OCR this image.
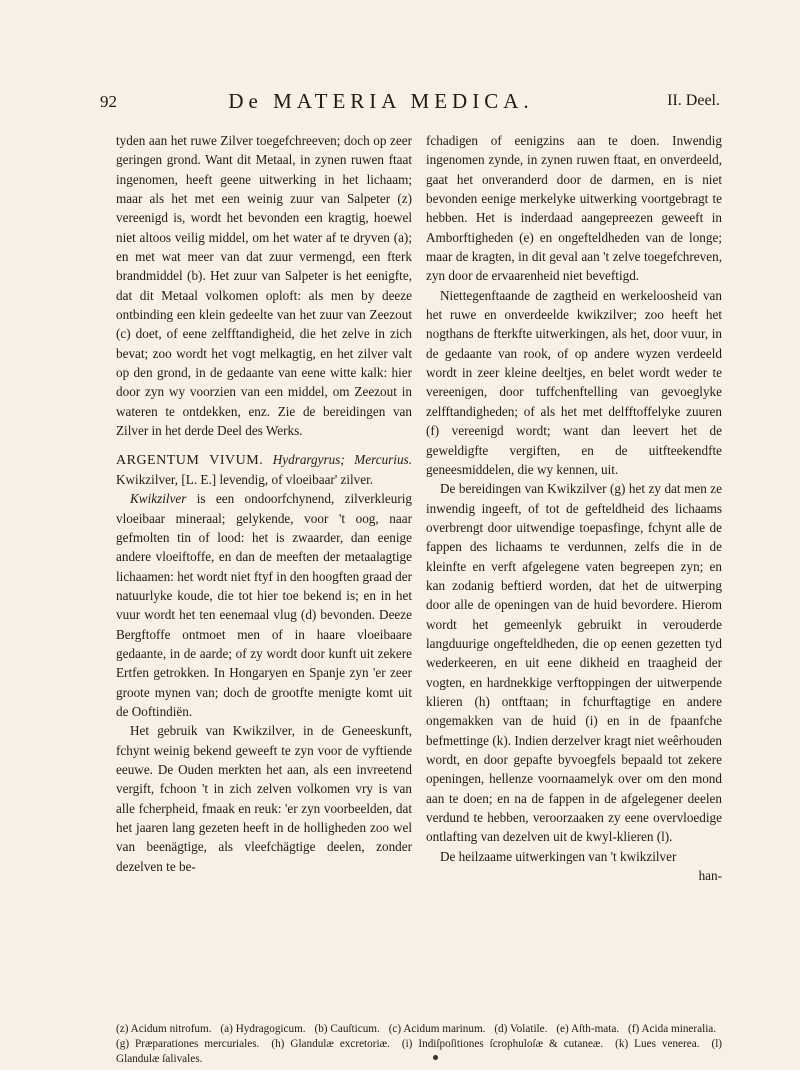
92	De MATERIA MEDICA.	II. Deel.

tyden aan het ruwe Zilver toegefchreeven; doch op zeer geringen grond. Want dit Metaal, in zynen ruwen ftaat ingenomen, heeft geene uitwerking in het lichaam; maar als het met een weinig zuur van Salpeter (z) vereenigd is, wordt het bevonden een kragtig, hoewel niet altoos veilig middel, om het water af te dryven (a); en met wat meer van dat zuur vermengd, een fterk brandmiddel (b). Het zuur van Salpeter is het eenigfte, dat dit Metaal volkomen oploft: als men by deeze ontbinding een klein gedeelte van het zuur van Zeezout (c) doet, of eene zelfftandigheid, die het zelve in zich bevat; zoo wordt het vogt melkagtig, en het zilver valt op den grond, in de gedaante van eene witte kalk: hier door zyn wy voorzien van een middel, om Zeezout in wateren te ontdekken, enz. Zie de bereidingen van Zilver in het derde Deel des Werks.

ARGENTUM VIVUM. Hydrargyrus; Mercurius. Kwikzilver, [L. E.] levendig, of vloeibaar' zilver.

Kwikzilver is een ondoorfchynend, zilverkleurig vloeibaar mineraal; gelykende, voor 't oog, naar gefmolten tin of lood: het is zwaarder, dan eenige andere vloeiftoffe, en dan de meeften der metaalagtige lichaamen: het wordt niet ftyf in den hoogften graad der natuurlyke koude, die tot hier toe bekend is; en in het vuur wordt het ten eenemaal vlug (d) bevonden. Deeze Bergftoffe ontmoet men of in haare vloeibaare gedaante, in de aarde; of zy wordt door kunft uit zekere Ertfen getrokken. In Hongaryen en Spanje zyn 'er zeer groote mynen van; doch de grootfte menigte komt uit de Ooftindiën.

Het gebruik van Kwikzilver, in de Geneeskunft, fchynt weinig bekend geweeft te zyn voor de vyftiende eeuwe. De Ouden merkten het aan, als een invreetend vergift, fchoon 't in zich zelven volkomen vry is van alle fcherpheid, fmaak en reuk: 'er zyn voorbeelden, dat het jaaren lang gezeten heeft in de holligheden zoo wel van beenägtige, als vleefchägtige deelen, zonder dezelven te be-

fchadigen of eenigzins aan te doen. Inwendig ingenomen zynde, in zynen ruwen ftaat, en onverdeeld, gaat het onveranderd door de darmen, en is niet bevonden eenige merkelyke uitwerking voortgebragt te hebben. Het is inderdaad aangepreezen geweeft in Amborftigheden (e) en ongefteldheden van de longe; maar de kragten, in dit geval aan 't zelve toegefchreven, zyn door de ervaarenheid niet beveftigd.

Niettegenftaande de zagtheid en werkeloosheid van het ruwe en onverdeelde kwikzilver; zoo heeft het nogthans de fterkfte uitwerkingen, als het, door vuur, in de gedaante van rook, of op andere wyzen verdeeld wordt in zeer kleine deeltjes, en belet wordt weder te vereenigen, door tuffchenftelling van gevoeglyke zelfftandigheden; of als het met delfftoffelyke zuuren (f) vereenigd wordt; want dan leevert het de geweldigfte vergiften, en de uitfteekendfte geneesmiddelen, die wy kennen, uit.

De bereidingen van Kwikzilver (g) het zy dat men ze inwendig ingeeft, of tot de gefteldheid des lichaams overbrengt door uitwendige toepasfinge, fchynt alle de fappen des lichaams te verdunnen, zelfs die in de kleinfte en verft afgelegene vaten begreepen zyn; en kan zodanig beftierd worden, dat het de uitwerping door alle de openingen van de huid bevordere. Hierom wordt het gemeenlyk gebruikt in verouderde langduurige ongefteldheden, die op eenen gezetten tyd wederkeeren, en uit eene dikheid en traagheid der vogten, en hardnekkige verftoppingen der uitwerpende klieren (h) ontftaan; in fchurftagtige en andere ongemakken van de huid (i) en in de fpaanfche befmettinge (k). Indien derzelver kragt niet weêrhouden wordt, en door gepafte byvoegfels bepaald tot zekere openingen, hellenze voornaamelyk over om den mond aan te doen; en na de fappen in de afgelegener deelen verdund te hebben, veroorzaaken zy eene overvloedige ontlafting van dezelven uit de kwyl-klieren (l).

De heilzaame uitwerkingen van 't kwikzilver

han-

(z) Acidum nitrofum. (a) Hydragogicum. (b) Cauſticum. (c) Acidum marinum. (d) Volatile. (e) Aſth-mata. (f) Acida mineralia. (g) Præparationes mercuriales. (h) Glandulæ excretoriæ. (i) Indiſpoſitiones ſcrophuloſæ & cutaneæ. (k) Lues venerea. (l) Glandulæ ſalivales.
